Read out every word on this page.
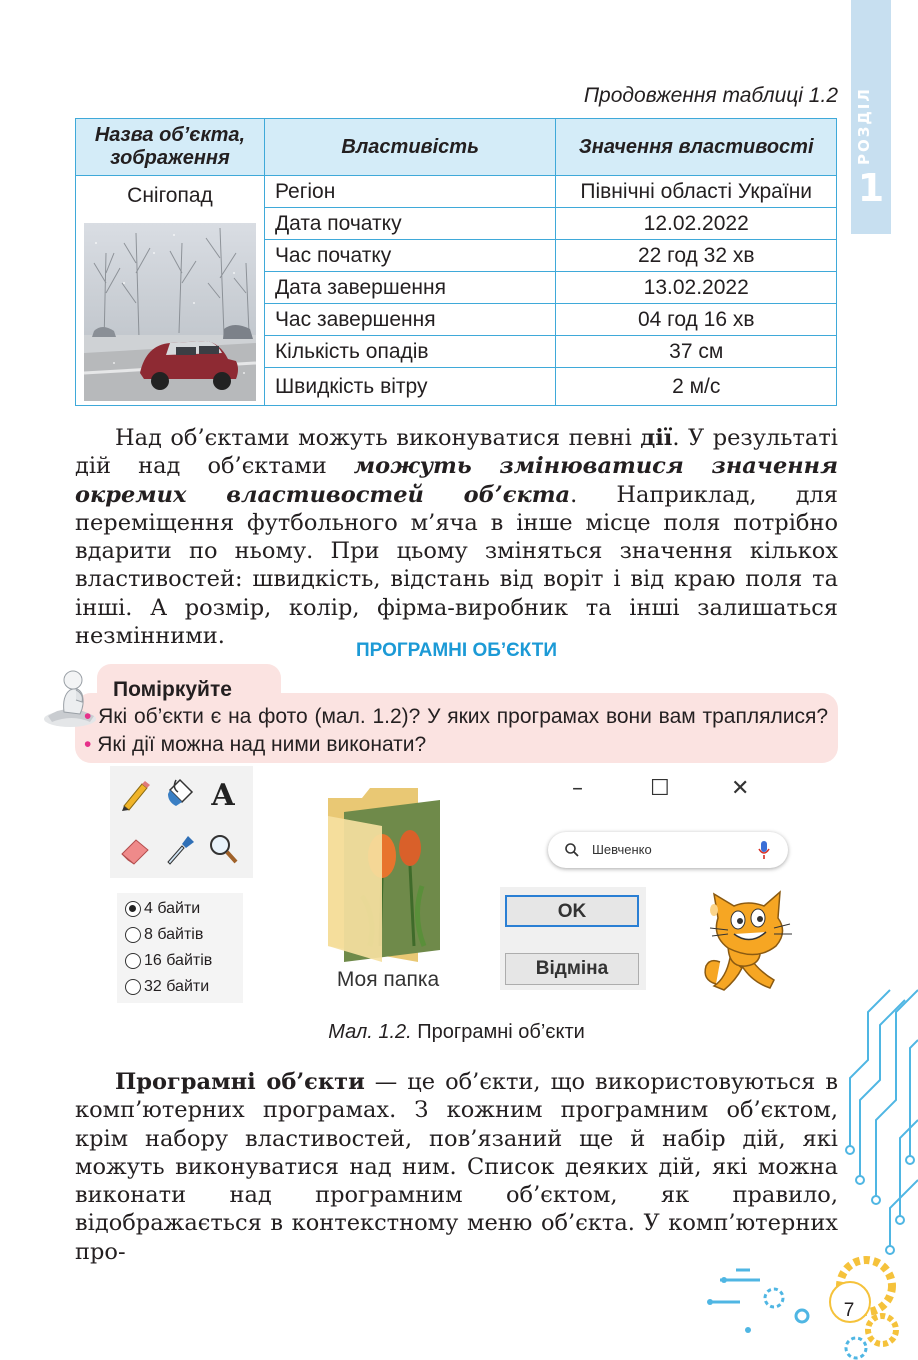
РОЗДІЛ
1
Продовження таблиці 1.2
Назва об’єкта, зображення	Властивість	Значення властивості

Снігопад	Регіон	Північні області України
	Дата початку	12.02.2022
	Час початку	22 год 32 хв
	Дата завершення	13.02.2022
	Час завершення	04 год 16 хв
	Кількість опадів	37 см
	Швидкість вітру	2 м/с
Над об’єктами можуть виконуватися певні дії. У результаті дій над об’єктами можуть змінюватися значення окремих властивостей об’єкта. Наприклад, для переміщення футбольного м’яча в інше місце поля потрібно вдарити по ньому. При цьому зміняться значення кількох властивостей: швидкість, відстань від воріт і від краю поля та інші. А розмір, колір, фірма-виробник та інші залишаться незмінними.
ПРОГРАМНІ ОБ’ЄКТИ
Поміркуйте
• Які об’єкти є на фото (мал. 1.2)? У яких програмах вони вам траплялися? • Які дії можна над ними виконати?
A
4 байти
8 байтів
16 байтів
32 байти	Моя папка
–	☐	✕
Шевченко
OK
Відміна
Мал. 1.2. Програмні об’єкти
Програмні об’єкти — це об’єкти, що використовуються в комп’ютерних програмах. З кожним програмним об’єктом, крім набору властивостей, пов’язаний ще й набір дій, які можуть виконуватися над ним. Список деяких дій, які можна виконати над програмним об’єктом, як правило, відображається в контекстному меню об’єкта. У комп’ютерних про-
7
